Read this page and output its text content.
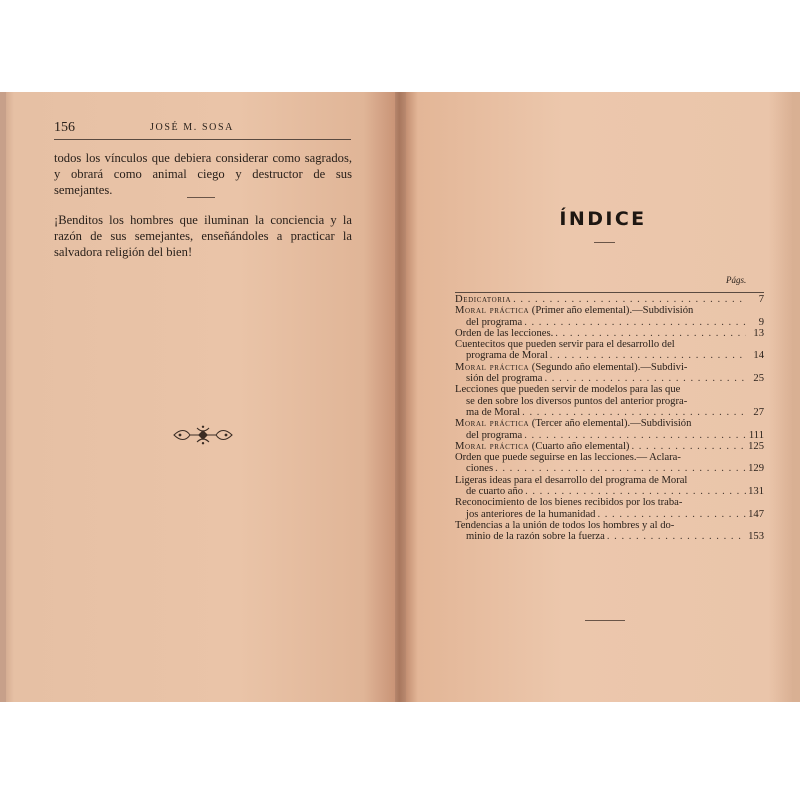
156	JOSÉ M. SOSA

todos los vínculos que debiera considerar como sagrados, y obrará como animal ciego y destructor de sus semejantes.

¡Benditos los hombres que iluminan la conciencia y la razón de sus semejantes, enseñándoles a practicar la salvadora religión del bien!

ÍNDICE
Págs.
Dedicatoria . . .	7
Moral práctica (Primer año elemental).—Subdivisión
del programa . . .	9
Orden de las lecciones. . . .	13
Cuentecitos que pueden servir para el desarrollo del
programa de Moral . . .	14
Moral práctica (Segundo año elemental).—Subdivi-
sión del programa . . .	25
Lecciones que pueden servir de modelos para las que
se den sobre los diversos puntos del anterior progra-
ma de Moral . . .	27
Moral práctica (Tercer año elemental).—Subdivisión
del programa . . .	111
Moral práctica (Cuarto año elemental) . . .	125
Orden que puede seguirse en las lecciones.— Aclara-
ciones . . .	129
Ligeras ideas para el desarrollo del programa de Moral
de cuarto año . . .	131
Reconocimiento de los bienes recibidos por los traba-
jos anteriores de la humanidad . . .	147
Tendencias a la unión de todos los hombres y al do-
minio de la razón sobre la fuerza . . .	153
